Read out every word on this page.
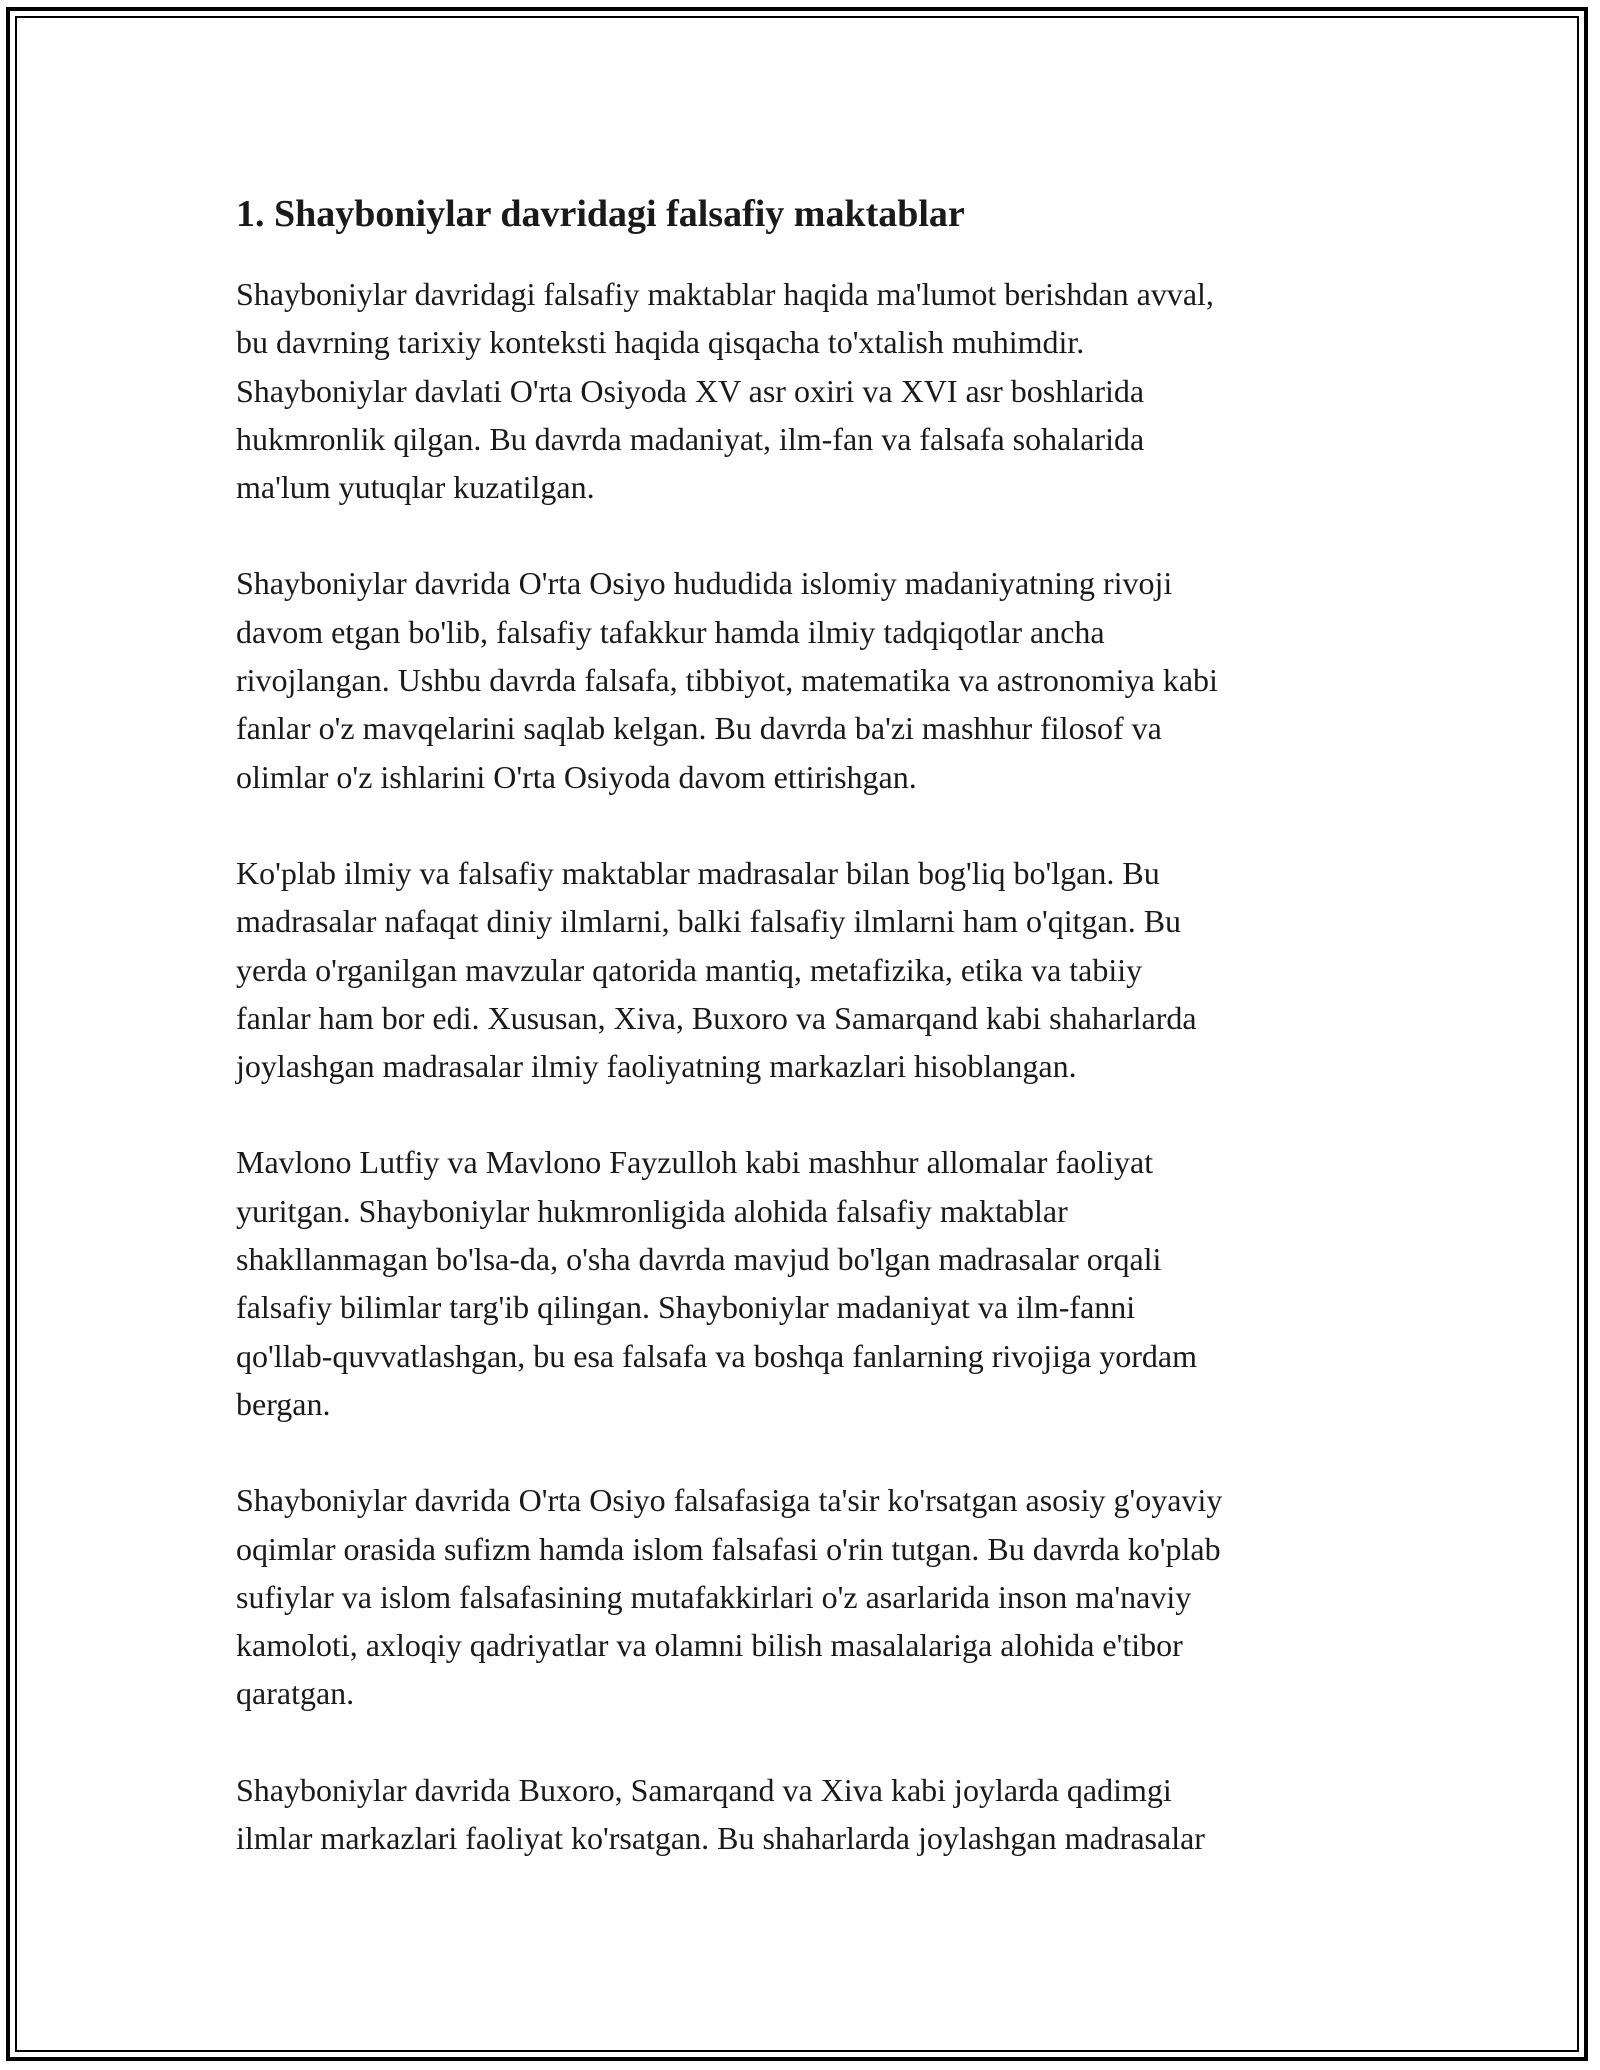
1. Shayboniylar davridagi falsafiy maktablar

Shayboniylar davridagi falsafiy maktablar haqida ma'lumot berishdan avval,
bu davrning tarixiy konteksti haqida qisqacha to'xtalish muhimdir.
Shayboniylar davlati O'rta Osiyoda XV asr oxiri va XVI asr boshlarida
hukmronlik qilgan. Bu davrda madaniyat, ilm-fan va falsafa sohalarida
ma'lum yutuqlar kuzatilgan.

Shayboniylar davrida O'rta Osiyo hududida islomiy madaniyatning rivoji
davom etgan bo'lib, falsafiy tafakkur hamda ilmiy tadqiqotlar ancha
rivojlangan. Ushbu davrda falsafa, tibbiyot, matematika va astronomiya kabi
fanlar o'z mavqelarini saqlab kelgan. Bu davrda ba'zi mashhur filosof va
olimlar o'z ishlarini O'rta Osiyoda davom ettirishgan.

Ko'plab ilmiy va falsafiy maktablar madrasalar bilan bog'liq bo'lgan. Bu
madrasalar nafaqat diniy ilmlarni, balki falsafiy ilmlarni ham o'qitgan. Bu
yerda o'rganilgan mavzular qatorida mantiq, metafizika, etika va tabiiy
fanlar ham bor edi. Xususan, Xiva, Buxoro va Samarqand kabi shaharlarda
joylashgan madrasalar ilmiy faoliyatning markazlari hisoblangan.

Mavlono Lutfiy va Mavlono Fayzulloh kabi mashhur allomalar faoliyat
yuritgan. Shayboniylar hukmronligida alohida falsafiy maktablar
shakllanmagan bo'lsa-da, o'sha davrda mavjud bo'lgan madrasalar orqali
falsafiy bilimlar targ'ib qilingan. Shayboniylar madaniyat va ilm-fanni
qo'llab-quvvatlashgan, bu esa falsafa va boshqa fanlarning rivojiga yordam
bergan.

Shayboniylar davrida O'rta Osiyo falsafasiga ta'sir ko'rsatgan asosiy g'oyaviy
oqimlar orasida sufizm hamda islom falsafasi o'rin tutgan. Bu davrda ko'plab
sufiylar va islom falsafasining mutafakkirlari o'z asarlarida inson ma'naviy
kamoloti, axloqiy qadriyatlar va olamni bilish masalalariga alohida e'tibor
qaratgan.

Shayboniylar davrida Buxoro, Samarqand va Xiva kabi joylarda qadimgi
ilmlar markazlari faoliyat ko'rsatgan. Bu shaharlarda joylashgan madrasalar
